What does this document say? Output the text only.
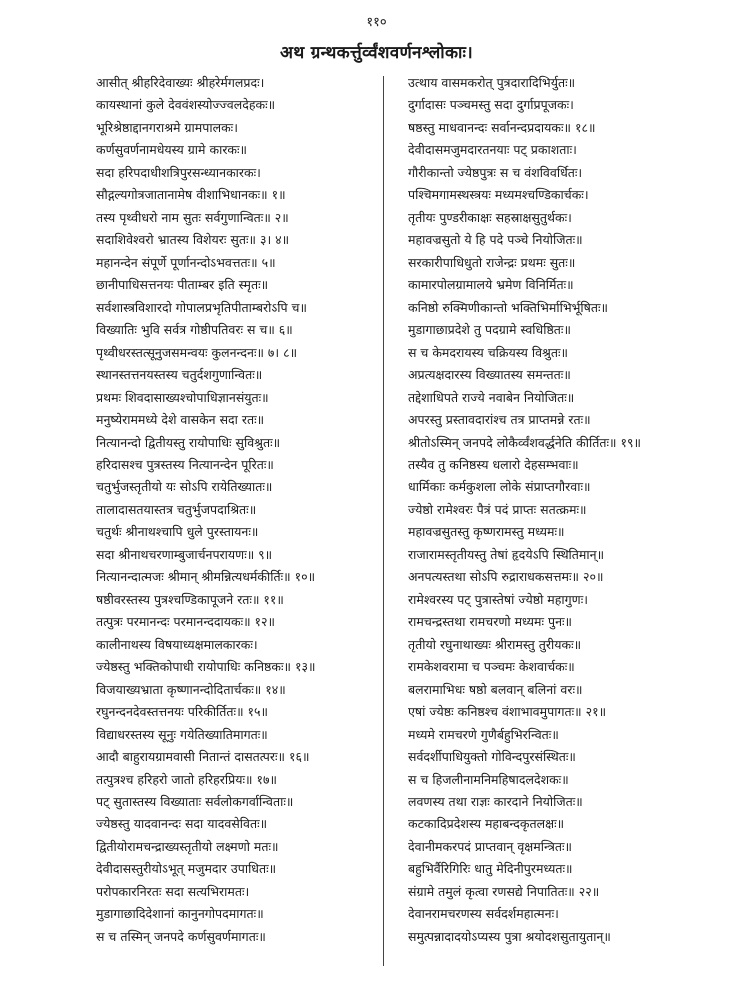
११०
अथ ग्रन्थकर्त्तुर्व्वंशवर्णनश्लोकाः।
आसीत् श्रीहरिदेवाख्यः श्रीहरेर्मगलप्रदः।
कायस्थानां कुले देववंशस्योज्ज्वलदेहकः॥
भूरिश्रेष्ठाद्दानगराश्रमे ग्रामपालकः।
कर्णसुवर्णनामधेयस्य ग्रामे कारकः॥
सदा हरिपदाधीशत्रिपुरसन्ध्यानकारकः।
सौद्गल्यगोत्रजातानामेष वीशाभिधानकः॥ १॥
तस्य पृथ्वीधरो नाम सुतः सर्वगुणान्वितः॥ २॥
सदाशिवेश्वरो भ्रातस्य विशेयरः सुतः॥ ३। ४॥
महानन्देन संपूर्णे पूर्णानन्दोऽभवत्ततः॥ ५॥
छानीपाधिसत्तनयः पीताम्बर इति स्मृतः॥
सर्वशास्त्रविशारदो गोपालप्रभृतिपीताम्बरोऽपि च॥
विख्यातिः भुवि सर्वत्र गोष्ठीपतिवरः स च॥ ६॥
पृथ्वीधरस्तत्सूनुजसमन्वयः कुलनन्दनः॥ ७। ८॥
स्थानस्तत्तनयस्तस्य चतुर्दशगुणान्वितः॥
प्रथमः शिवदासाख्यश्चोपाधिज्ञानसंयुतः॥
मनुष्येराममध्ये देशे वासकेन सदा रतः॥
नित्यानन्दो द्वितीयस्तु रायोपाधिः सुविश्रुतः॥
हरिदासश्च पुत्रस्तस्य नित्यानन्देन पूरितः॥
चतुर्भुजस्तृतीयो यः सोऽपि रायेतिख्यातः॥
तालादासतयास्तत्र चतुर्भुजपदाश्रितः॥
चतुर्थः श्रीनाथश्चापि धुले पुरस्तायनः॥
सदा श्रीनाथचरणाम्बुजार्चनपरायणः॥ ९॥
नित्यानन्दात्मजः श्रीमान् श्रीमन्नित्यधर्मकीर्तिः॥ १०॥
षष्ठीवरस्तस्य पुत्रश्चण्डिकापूजने रतः॥ ११॥
तत्पुत्रः परमानन्दः परमानन्ददायकः॥ १२॥
कालीनाथस्य विषयाध्यक्षमालकारकः।
ज्येष्ठस्तु भक्तिकोपाधी रायोपाधिः कनिष्ठकः॥ १३॥
विजयाख्यभ्राता कृष्णानन्दोदितार्चकः॥ १४॥
रघुनन्दनदेवस्तत्तनयः परिकीर्तितः॥ १५॥
विद्याधरस्तस्य सूनुः गयेतिख्यातिमागतः॥
आदौ बाहुरायग्रामवासी नितान्तं दासतत्परः॥ १६॥
तत्पुत्रश्च हरिहरो जातो हरिहरप्रियः॥ १७॥
पट् सुतास्तस्य विख्याताः सर्वलोकगर्वान्विताः॥
ज्येष्ठस्तु यादवानन्दः सदा यादवसेवितः॥
द्वितीयोरामचन्द्राख्यस्तृतीयो लक्ष्मणो मतः॥
देवीदासस्तुरीयोऽभूत् मजुमदार उपाधितः॥
परोपकारनिरतः सदा सत्यभिरामतः।
मुडागाछादिदेशानां कानुनगोपदमागतः॥
स च तस्मिन् जनपदे कर्णसुवर्णमागतः॥
उत्थाय वासमकरोत् पुत्रदारादिभिर्युतः॥
दुर्गादासः पञ्चमस्तु सदा दुर्गाप्रपूजकः।
षष्ठस्तु माधवानन्दः सर्वानन्दप्रदायकः॥ १८॥
देवीदासमजुमदारतनयाः पट् प्रकाशताः।
गौरीकान्तो ज्येष्ठपुत्रः स च वंशविवर्धितः।
पश्चिमगामस्थस्त्रयः मध्यमश्चण्डिकार्चकः।
तृतीयः पुण्डरीकाक्षः सहस्राक्षसुतुर्थकः।
महावज्रसुतो ये हि पदे पञ्चे नियोजितः॥
सरकारीपाधिधुतो राजेन्द्रः प्रथमः सुतः॥
कामारपोलग्रामालये भ्रमेण विनिर्मितः॥
कनिष्ठो रुक्मिणीकान्तो भक्तिभिर्माभिर्भूषितः॥
मुडागाछाप्रदेशे तु पदग्रामे स्वधिष्ठितः॥
स च केमदरायस्य चक्रियस्य विश्रुतः॥
अप्रत्यक्षदारस्य विख्यातस्य समन्ततः॥
तद्देशाधिपते राज्ये नवाबेन नियोजितः॥
अपरस्तु प्रस्तावदारांश्च तत्र प्राप्तमन्ने रतः॥
श्रीतोऽस्मिन् जनपदे लोकैर्व्वंशवर्द्धनेति कीर्तितः॥ १९॥
तस्यैव तु कनिष्ठस्य धलारो देहसम्भवाः॥
धार्मिकाः कर्मकुशला लोके संप्राप्तगौरवाः॥
ज्येष्ठो रामेश्वरः पैत्रं पदं प्राप्तः सतत्क्रमः॥
महावज्रसुतस्तु कृष्णरामस्तु मध्यमः॥
राजारामस्तृतीयस्तु तेषां हृदयेऽपि स्थितिमान्॥
अनपत्यस्तथा सोऽपि रुद्राराधकसत्तमः॥ २०॥
रामेश्वरस्य पट् पुत्रास्तेषां ज्येष्ठो महागुणः।
रामचन्द्रस्तथा रामचरणो मध्यमः पुनः॥
तृतीयो रघुनाथाख्यः श्रीरामस्तु तुरीयकः॥
रामकेशवरामा च पञ्चमः केशवार्चकः॥
बलरामाभिधः षष्ठो बलवान् बलिनां वरः॥
एषां ज्येष्ठः कनिष्ठश्च वंशाभावमुपागतः॥ २१॥
मध्यमे रामचरणे गुणैर्बहुभिरन्वितः॥
सर्वदर्शीपाधियुक्तो गोविन्दपुरसंस्थितः॥
स च हिजलीनामनिमहिषादलदेशकः॥
लवणस्य तथा राज्ञः कारदाने नियोजितः॥
कटकादिप्रदेशस्य महाबन्दकृतलक्षः॥
देवानीमकरपदं प्राप्तवान् वृक्षमन्त्रितः॥
बहुभिर्वैरिगिरिः धातु मेदिनीपुरमध्यतः॥
संग्रामे तमुलं कृत्वा रणसद्ये निपातितः॥ २२॥
देवानरामचरणस्य सर्वदर्शमहात्मनः।
समुत्पन्नादादयोऽप्यस्य पुत्रा श्रयोदशसुतायुतान्॥
